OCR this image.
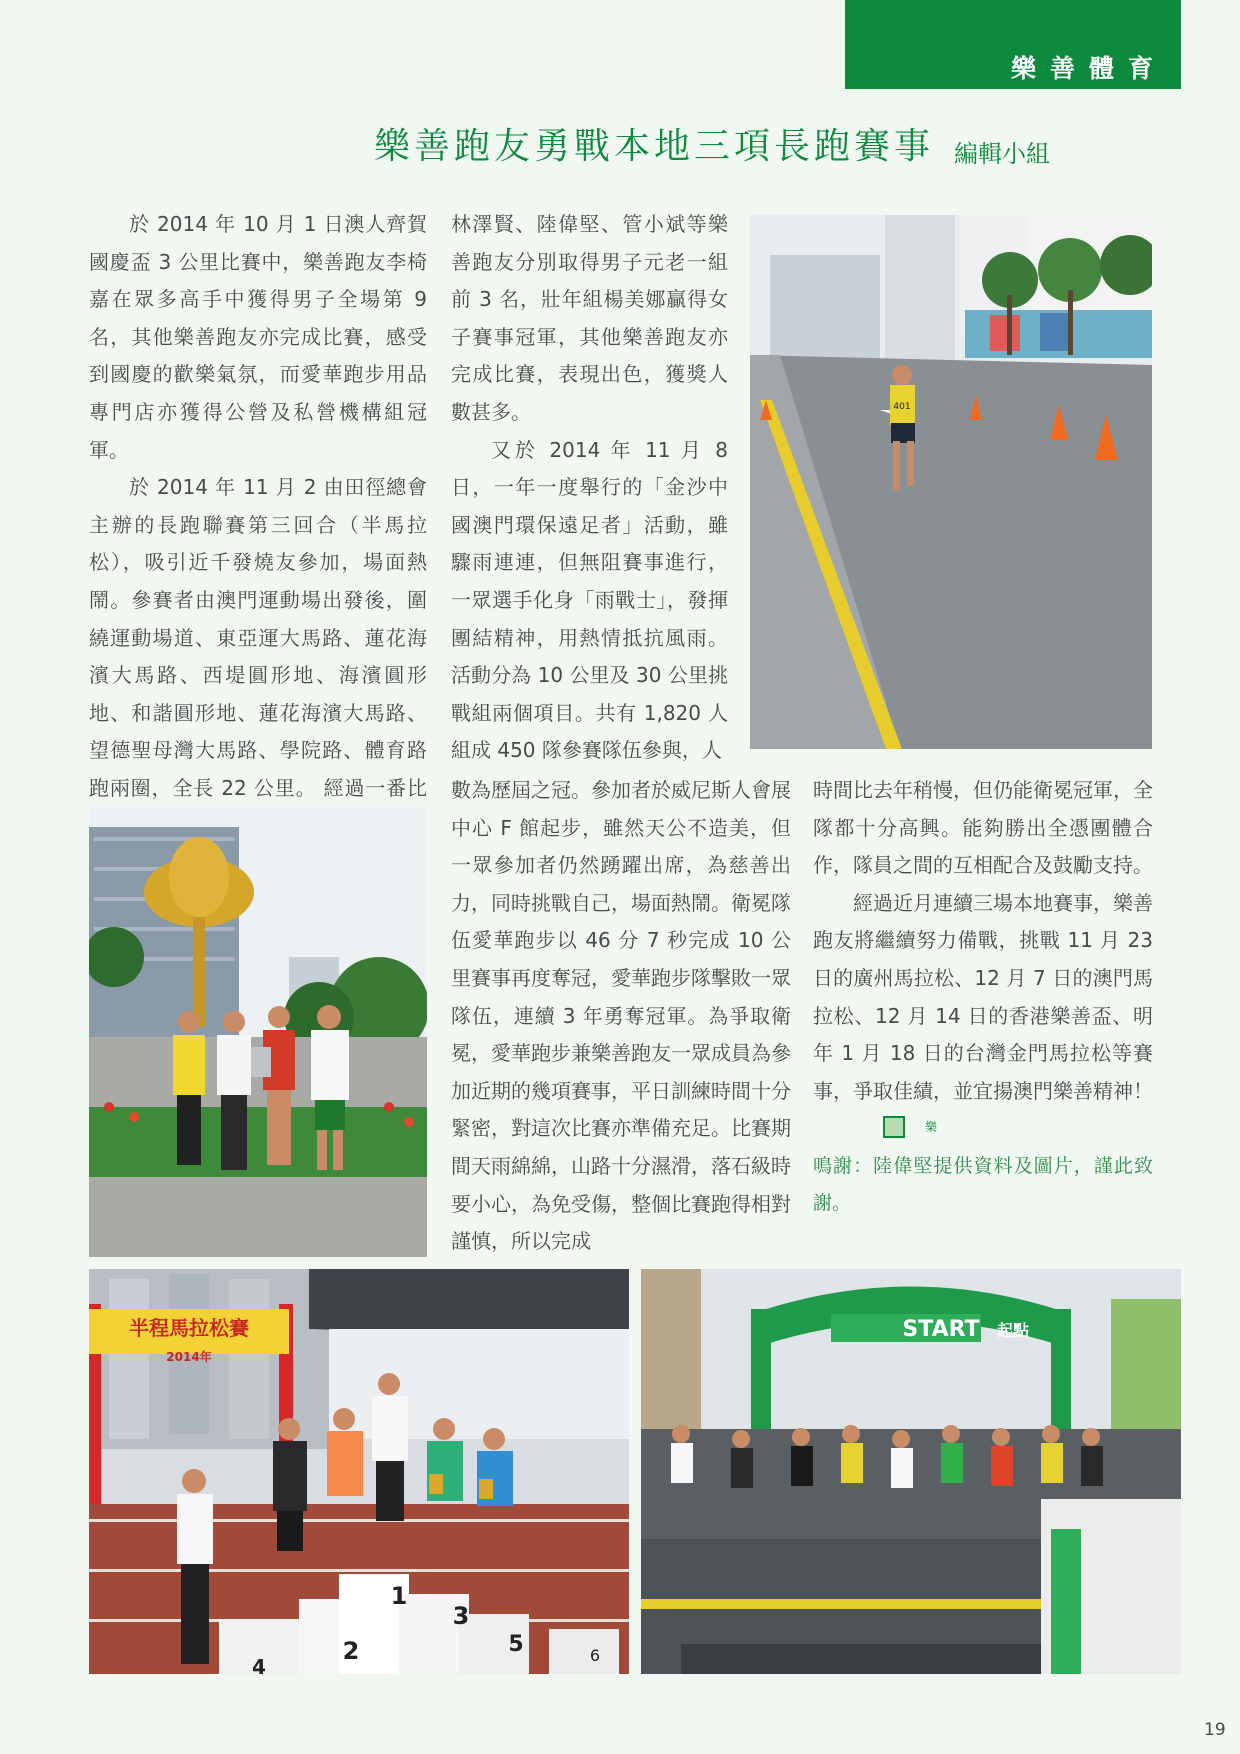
樂善體育
樂善跑友勇戰本地三項長跑賽事 編輯小組

於 2014 年 10 月 1 日澳人齊賀國慶盃 3 公里比賽中，樂善跑友李椅嘉在眾多高手中獲得男子全場第 9 名，其他樂善跑友亦完成比賽，感受到國慶的歡樂氣氛，而愛華跑步用品專門店亦獲得公營及私營機構組冠軍。

於 2014 年 11 月 2 由田徑總會主辦的長跑聯賽第三回合（半馬拉松），吸引近千發燒友參加，場面熱鬧。參賽者由澳門運動場出發後，圍繞運動場道、東亞運大馬路、蓮花海濱大馬路、西堤圓形地、海濱圓形地、和諧圓形地、蓮花海濱大馬路、望德聖母灣大馬路、學院路、體育路跑兩圈，全長 22 公里。 經過一番比

林澤賢、陸偉堅、管小斌等樂善跑友分別取得男子元老一組前 3 名，壯年組楊美娜贏得女子賽事冠軍，其他樂善跑友亦完成比賽，表現出色，獲獎人數甚多。

又於 2014 年 11 月 8 日，一年一度舉行的「金沙中國澳門環保遠足者」活動，雖驟雨連連，但無阻賽事進行，一眾選手化身「雨戰士」，發揮團結精神，用熱情抵抗風雨。活動分為 10 公里及 30 公里挑戰組兩個項目。共有 1,820 人組成 450 隊參賽隊伍參與，人

數為歷屆之冠。參加者於威尼斯人會展中心 F 館起步，雖然天公不造美，但一眾參加者仍然踴躍出席，為慈善出力，同時挑戰自己，場面熱鬧。衛冕隊伍愛華跑步以 46 分 7 秒完成 10 公里賽事再度奪冠，愛華跑步隊擊敗一眾隊伍，連續 3 年勇奪冠軍。為爭取衛冕，愛華跑步兼樂善跑友一眾成員為參加近期的幾項賽事，平日訓練時間十分緊密，對這次比賽亦準備充足。比賽期間天雨綿綿，山路十分濕滑，落石級時要小心，為免受傷，整個比賽跑得相對謹慎，所以完成

時間比去年稍慢，但仍能衛冕冠軍，全隊都十分高興。能夠勝出全憑團體合作，隊員之間的互相配合及鼓勵支持。

經過近月連續三場本地賽事，樂善跑友將繼續努力備戰，挑戰 11 月 23 日的廣州馬拉松、12 月 7 日的澳門馬拉松、12 月 14 日的香港樂善盃、明年 1 月 18 日的台灣金門馬拉松等賽事，爭取佳績，並宜揚澳門樂善精神！樂

鳴謝：陸偉堅提供資料及圖片，謹此致謝。

401
半程馬拉松賽
2014年
4
2
1
3
5	6
START 起點
19
